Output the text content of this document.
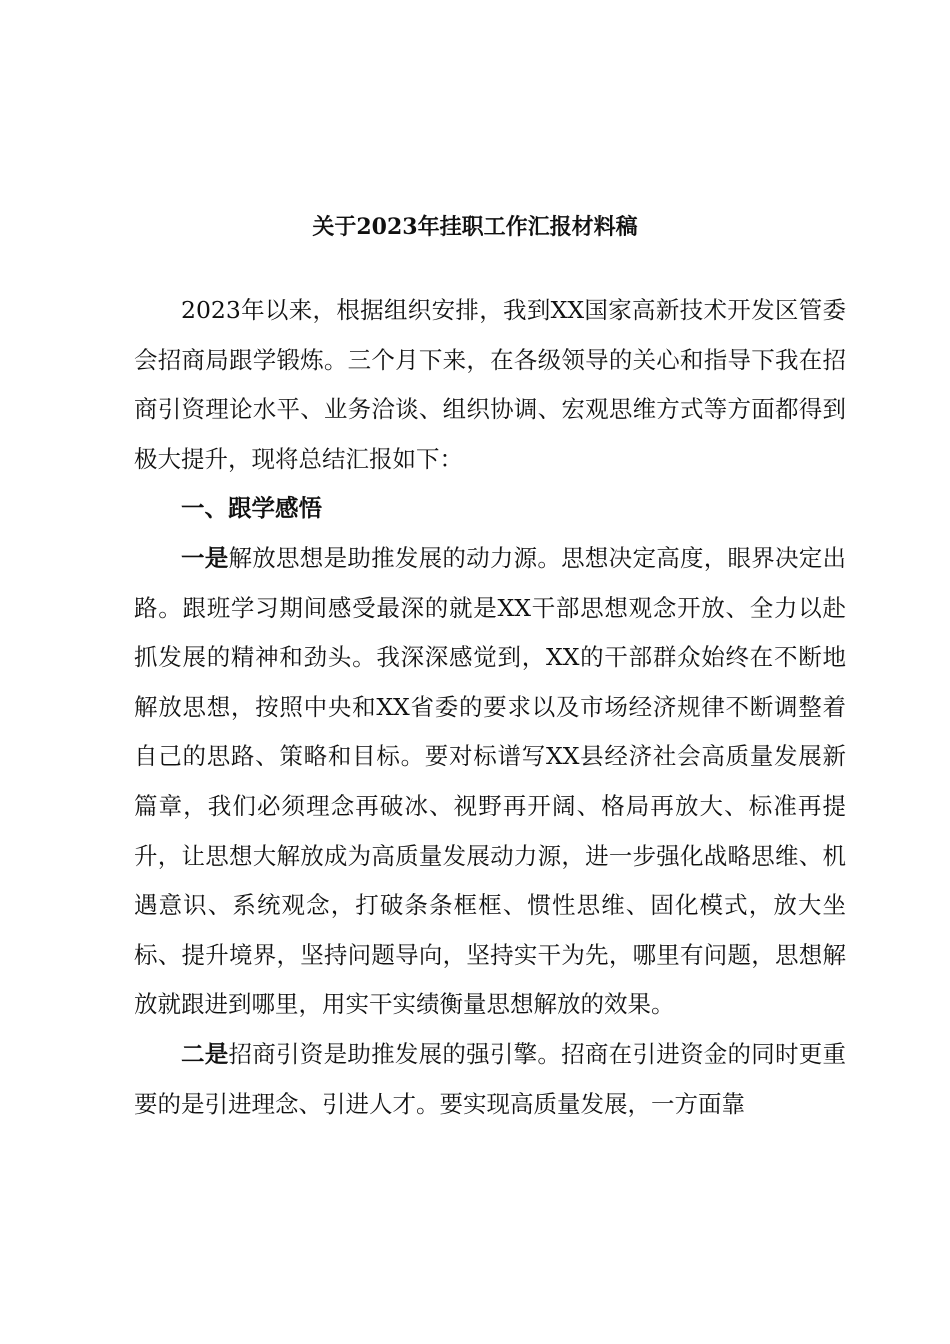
关于2023年挂职工作汇报材料稿

2023年以来，根据组织安排，我到XX国家高新技术开发区管委会招商局跟学锻炼。三个月下来，在各级领导的关心和指导下我在招商引资理论水平、业务洽谈、组织协调、宏观思维方式等方面都得到极大提升，现将总结汇报如下：

一、跟学感悟

一是解放思想是助推发展的动力源。思想决定高度，眼界决定出路。跟班学习期间感受最深的就是XX干部思想观念开放、全力以赴抓发展的精神和劲头。我深深感觉到，XX的干部群众始终在不断地解放思想，按照中央和XX省委的要求以及市场经济规律不断调整着自己的思路、策略和目标。要对标谱写XX县经济社会高质量发展新篇章，我们必须理念再破冰、视野再开阔、格局再放大、标准再提升，让思想大解放成为高质量发展动力源，进一步强化战略思维、机遇意识、系统观念，打破条条框框、惯性思维、固化模式，放大坐标、提升境界，坚持问题导向，坚持实干为先，哪里有问题，思想解放就跟进到哪里，用实干实绩衡量思想解放的效果。

二是招商引资是助推发展的强引擎。招商在引进资金的同时更重要的是引进理念、引进人才。要实现高质量发展，一方面靠
